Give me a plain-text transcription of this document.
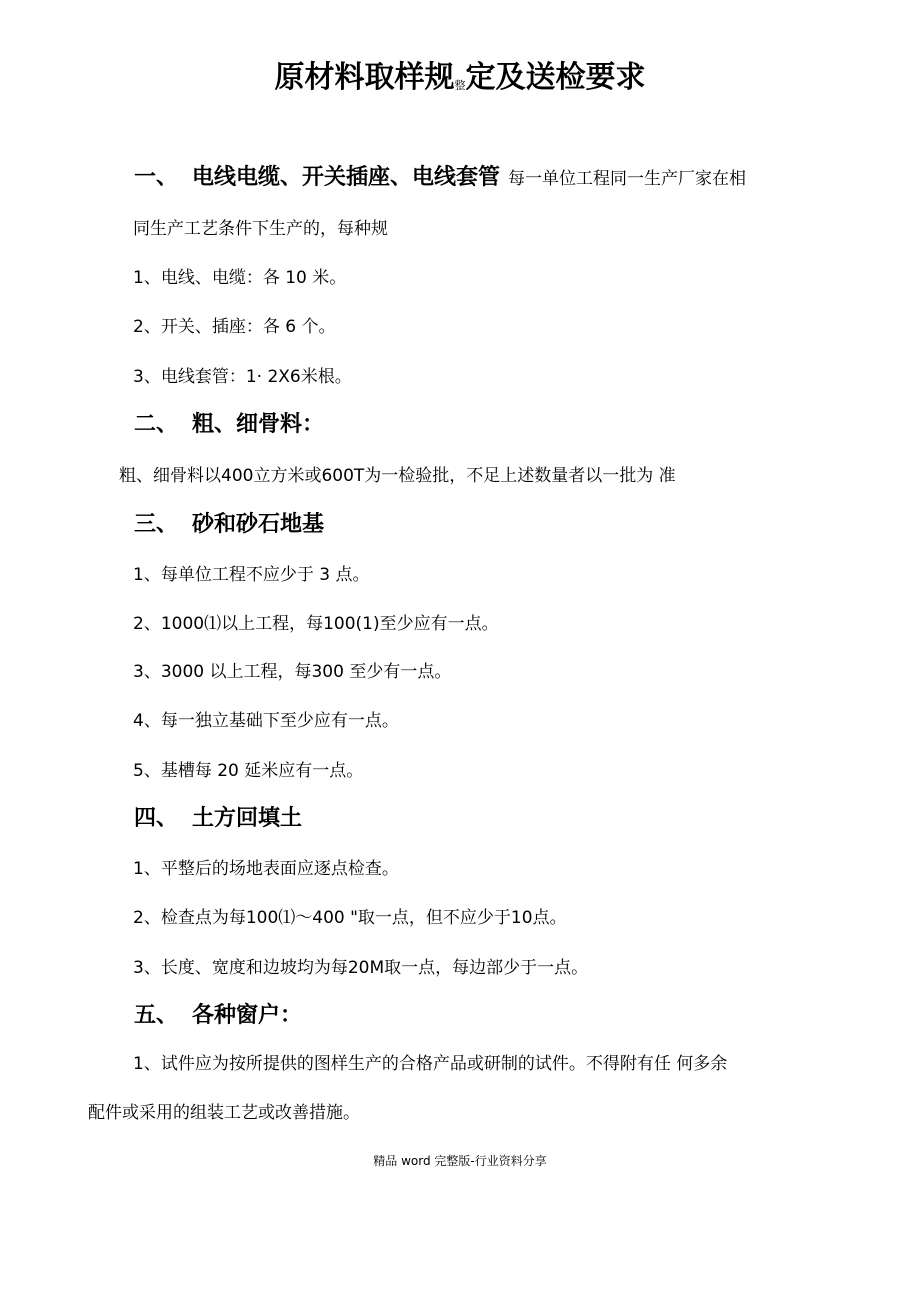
原材料取样规整定及送检要求
一、 电线电缆、开关插座、电线套管 每一单位工程同一生产厂家在相
同生产工艺条件下生产的，每种规
1、电线、电缆：各 10 米。
2、开关、插座：各 6 个。
3、电线套管：1· 2X6米根。
二、 粗、细骨料：
粗、细骨料以400立方米或600T为一检验批，不足上述数量者以一批为 准
三、 砂和砂石地基
1、每单位工程不应少于 3 点。
2、1000⑴以上工程，每100(1)至少应有一点。
3、3000 以上工程，每300 至少有一点。
4、每一独立基础下至少应有一点。
5、基槽每 20 延米应有一点。
四、 土方回填土
1、平整后的场地表面应逐点检查。
2、检查点为每100⑴〜400 "取一点，但不应少于10点。
3、长度、宽度和边坡均为每20M取一点，每边部少于一点。
五、 各种窗户：
1、试件应为按所提供的图样生产的合格产品或研制的试件。不得附有任 何多余
配件或采用的组装工艺或改善措施。
精品 word 完整版-行业资料分享
